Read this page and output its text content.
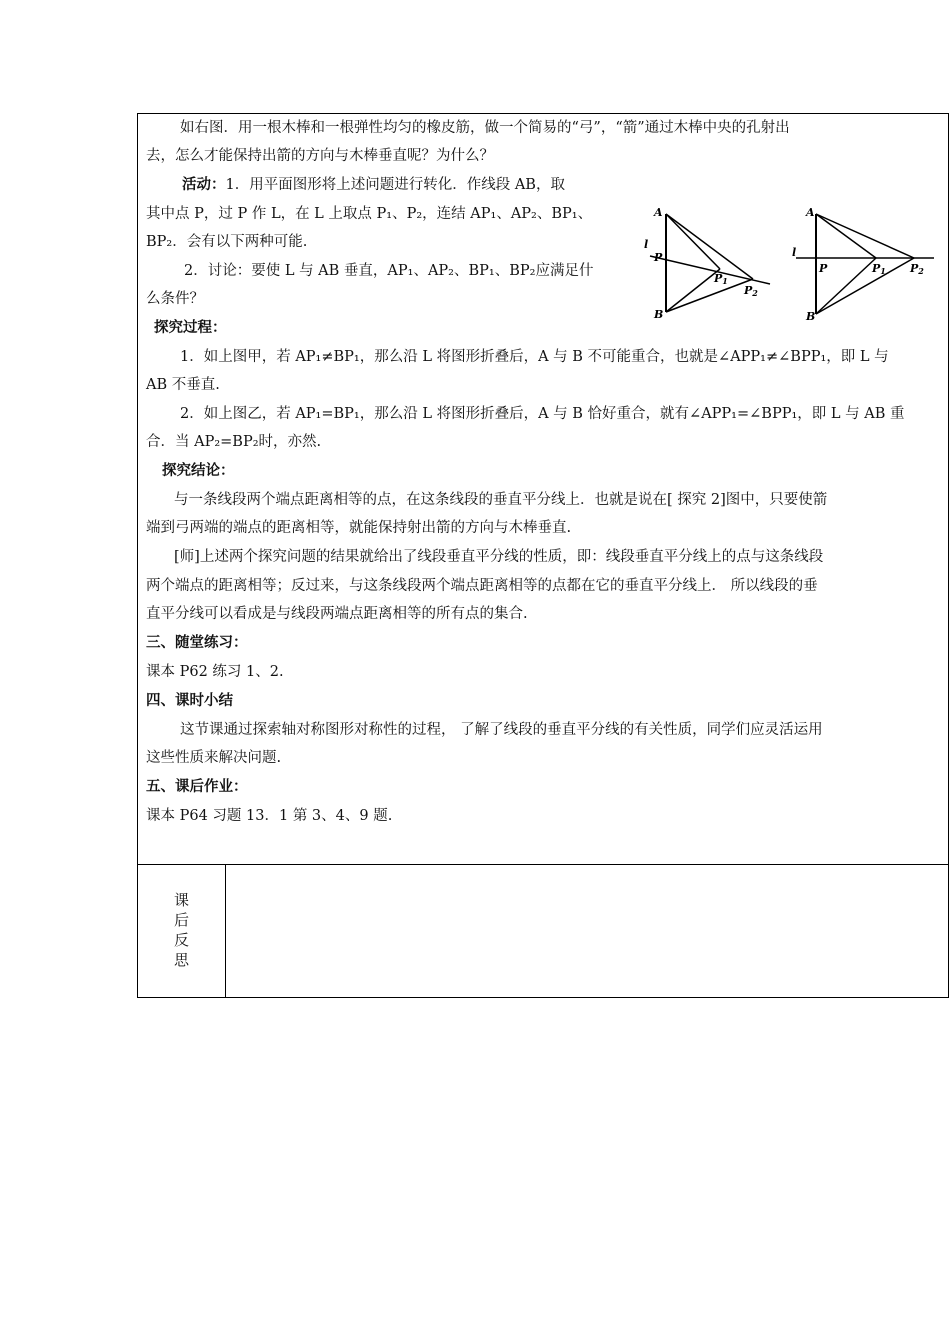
如右图．用一根木棒和一根弹性均匀的橡皮筋，做一个简易的“弓”，“箭”通过木棒中央的孔射出
去，怎么才能保持出箭的方向与木棒垂直呢？为什么？
活动：1．用平面图形将上述问题进行转化．作线段 AB，取
其中点 P，过 P 作 L，在 L 上取点 P₁、P₂，连结 AP₁、AP₂、BP₁、
BP₂．会有以下两种可能.
2．讨论：要使 L 与 AB 垂直，AP₁、AP₂、BP₁、BP₂应满足什
么条件？
A
B
P
l
P1
P2
A
B
P
l
P1 P2
探究过程：
1．如上图甲，若 AP₁≠BP₁，那么沿 L 将图形折叠后，A 与 B 不可能重合，也就是∠APP₁≠∠BPP₁，即 L 与
AB 不垂直.
2．如上图乙，若 AP₁=BP₁，那么沿 L 将图形折叠后，A 与 B 恰好重合，就有∠APP₁=∠BPP₁，即 L 与 AB 重
合．当 AP₂=BP₂时，亦然.
探究结论：
与一条线段两个端点距离相等的点，在这条线段的垂直平分线上．也就是说在[ 探究 2]图中，只要使箭
端到弓两端的端点的距离相等，就能保持射出箭的方向与木棒垂直.
[师]上述两个探究问题的结果就给出了线段垂直平分线的性质，即：线段垂直平分线上的点与这条线段
两个端点的距离相等；反过来，与这条线段两个端点距离相等的点都在它的垂直平分线上． 所以线段的垂
直平分线可以看成是与线段两端点距离相等的所有点的集合.
三、随堂练习：
课本 P62 练习 1、2.
四、课时小结
这节课通过探索轴对称图形对称性的过程， 了解了线段的垂直平分线的有关性质，同学们应灵活运用
这些性质来解决问题.
五、课后作业：
课本 P64 习题 13．1 第 3、4、9 题.
课
后
反
思
